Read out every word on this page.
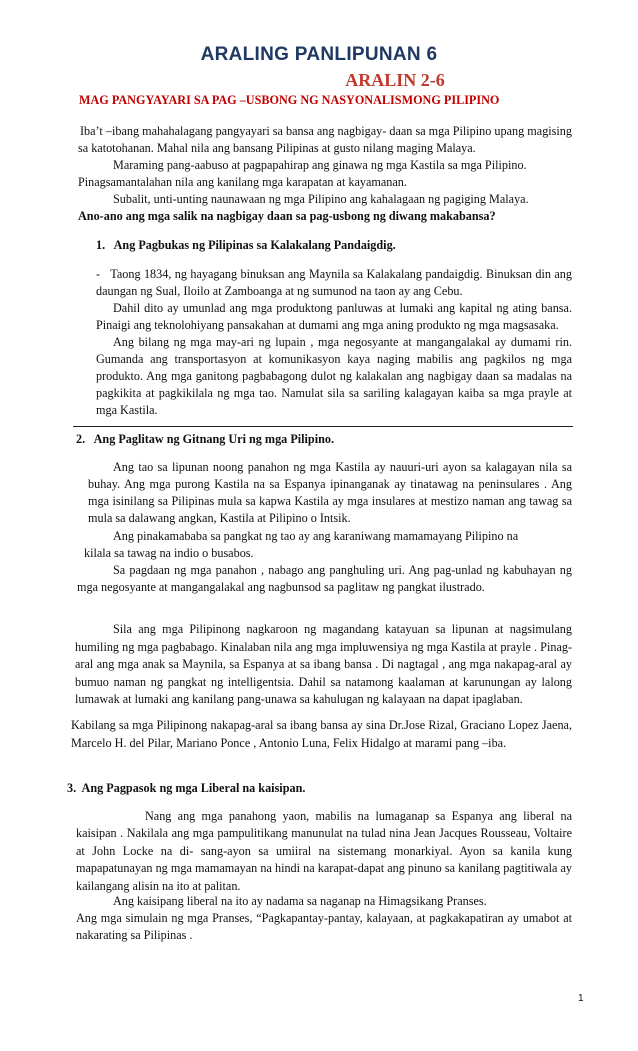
ARALING PANLIPUNAN 6
ARALIN 2-6
MAG PANGYAYARI SA PAG –USBONG NG NASYONALISMONG PILIPINO
Iba’t –ibang mahahalagang pangyayari sa bansa ang nagbigay- daan sa mga Pilipino upang magising sa katotohanan. Mahal nila ang bansang Pilipinas at gusto nilang maging Malaya.
Maraming pang-aabuso at pagpapahirap ang ginawa ng mga Kastila sa mga Pilipino.
Pinagsamantalahan nila ang kanilang mga karapatan at kayamanan.
Subalit, unti-unting naunawaan ng mga Pilipino ang kahalagaan ng pagiging Malaya.
Ano-ano ang mga salik na nagbigay daan sa pag-usbong ng diwang makabansa?
1.   Ang Pagbukas ng Pilipinas sa Kalakalang Pandaigdig.
-   Taong 1834, ng hayagang binuksan ang Maynila sa Kalakalang pandaigdig. Binuksan din ang daungan ng Sual, Iloilo at Zamboanga at ng sumunod na taon ay ang Cebu.
Dahil dito ay umunlad ang mga produktong panluwas at lumaki ang kapital ng ating bansa. Pinaigi ang teknolohiyang pansakahan at dumami ang mga aning produkto ng mga magsasaka.
Ang bilang ng mga may-ari ng lupain , mga negosyante at mangangalakal ay dumami rin. Gumanda ang transportasyon at komunikasyon kaya naging mabilis ang pagkilos ng mga produkto. Ang mga ganitong pagbabagong dulot ng kalakalan ang nagbigay daan sa madalas na pagkikita at pagkikilala ng mga tao. Namulat sila sa sariling kalagayan kaiba sa mga prayle at mga Kastila.
2.   Ang Paglitaw ng Gitnang Uri ng mga Pilipino.
Ang tao sa lipunan noong panahon ng mga Kastila ay nauuri-uri ayon sa kalagayan nila sa buhay. Ang mga purong Kastila na sa Espanya ipinanganak ay tinatawag na peninsulares . Ang mga isinilang sa Pilipinas mula sa kapwa Kastila ay mga insulares at mestizo naman ang tawag sa mula sa dalawang angkan, Kastila at Pilipino o Intsik.
Ang pinakamababa sa pangkat ng tao ay ang karaniwang mamamayang Pilipino na
kilala sa tawag na indio o busabos.
Sa pagdaan ng mga panahon , nabago ang panghuling uri. Ang pag-unlad ng kabuhayan ng mga negosyante at mangangalakal ang nagbunsod sa paglitaw ng pangkat ilustrado.
Sila ang mga Pilipinong nagkaroon ng magandang katayuan sa lipunan at nagsimulang humiling ng mga pagbabago. Kinalaban nila ang mga impluwensiya ng mga Kastila at prayle . Pinag-aral ang mga anak sa Maynila, sa Espanya at sa ibang bansa . Di nagtagal , ang mga nakapag-aral ay bumuo naman ng pangkat ng intelligentsia. Dahil sa natamong kaalaman at karunungan ay lalong lumawak at lumaki ang kanilang pang-unawa sa kahulugan ng kalayaan na dapat ipaglaban.
Kabilang sa mga Pilipinong nakapag-aral sa ibang bansa ay sina Dr.Jose Rizal, Graciano Lopez Jaena, Marcelo H. del Pilar, Mariano Ponce , Antonio Luna, Felix Hidalgo at marami pang –iba.
3.  Ang Pagpasok ng mga Liberal na kaisipan.
Nang ang mga panahong yaon, mabilis na lumaganap sa Espanya ang liberal na kaisipan . Nakilala ang mga pampulitikang manunulat na tulad nina Jean Jacques Rousseau, Voltaire at John Locke na di- sang-ayon sa umiiral na sistemang monarkiyal. Ayon sa kanila kung mapapatunayan ng mga mamamayan na hindi na karapat-dapat ang pinuno sa kanilang pagtitiwala ay kailangang alisin na ito at palitan.
Ang kaisipang liberal na ito ay nadama sa naganap na Himagsikang Pranses.
Ang mga simulain ng mga Pranses, “Pagkapantay-pantay, kalayaan, at pagkakapatiran ay umabot at nakarating sa Pilipinas .
1
